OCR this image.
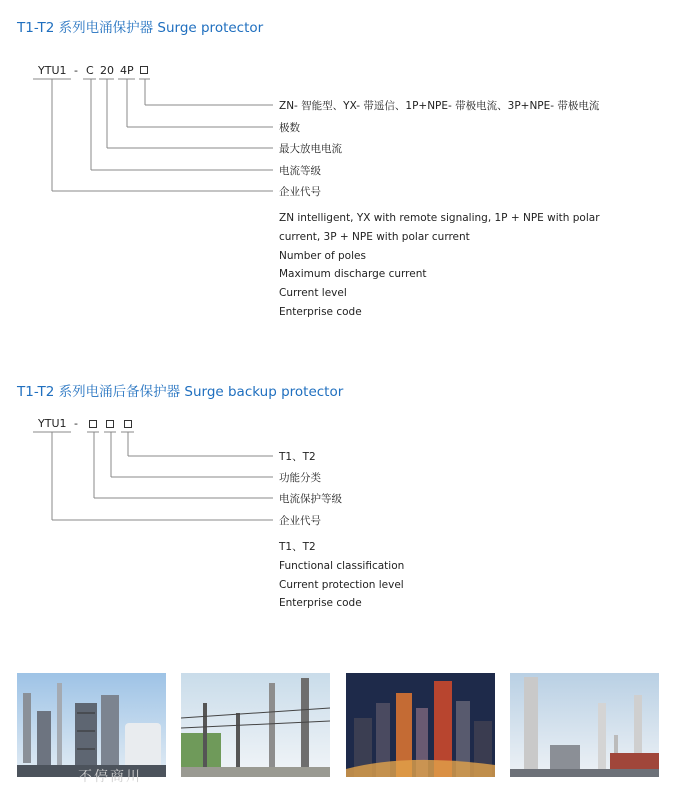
T1-T2 系列电涌保护器 Surge protector
YTU1 - C 20 4P
ZN- 智能型、YX- 带遥信、1P+NPE- 带极电流、3P+NPE- 带极电流
极数
最大放电电流
电流等级
企业代号
ZN intelligent, YX with remote signaling, 1P + NPE with polar current, 3P + NPE with polar current
Number of poles
Maximum discharge current
Current level
Enterprise code
T1-T2 系列电涌后备保护器 Surge backup protector
YTU1 -
T1、T2
功能分类
电流保护等级
企业代号
T1、T2
Functional classification
Current protection level
Enterprise code
不停商川
